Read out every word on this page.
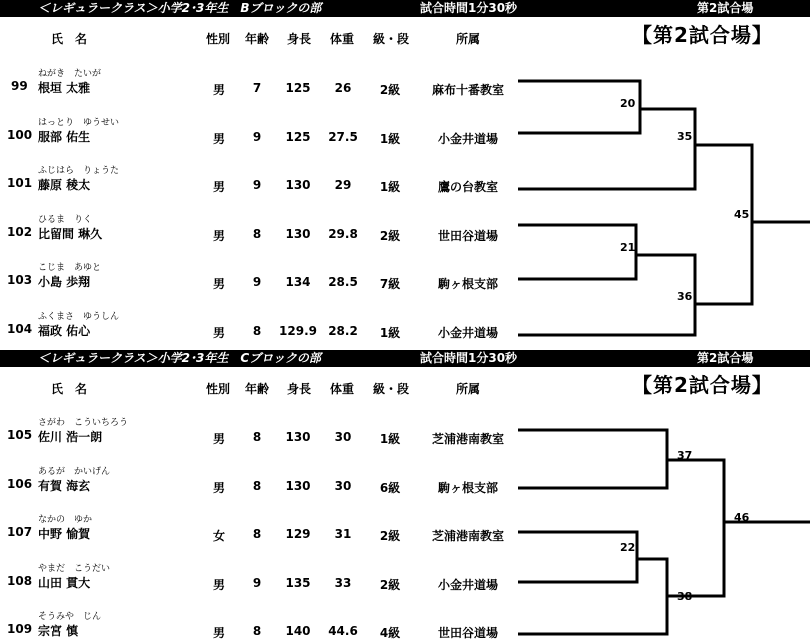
＜レギュラークラス＞小学2･3年生　Bブロックの部	試合時間1分30秒	第2試合場
【第2試合場】
氏　名	性別 年齢 身長 体重 級・段	所属
99
ねがき　たいが
根垣 太雅	男	7	125	26	2級	麻布十番教室
100
はっとり　ゆうせい
服部 佑生	男	9	125	27.5	1級	小金井道場
101
ふじはら　りょうた
藤原 稜太	男	9	130	29	1級	鷹の台教室
102
ひるま　りく
比留間 琳久	男	8	130	29.8	2級	世田谷道場
103
こじま　あゆと
小島 歩翔	男	9	134	28.5	7級	駒ヶ根支部
104
ふくまさ　ゆうしん
福政 佑心	男	8	129.9 28.2	1級	小金井道場
20
35
21
36
45
＜レギュラークラス＞小学2･3年生　Cブロックの部	試合時間1分30秒	第2試合場
【第2試合場】
氏　名	性別 年齢 身長 体重 級・段	所属
105
さがわ　こういちろう
佐川 浩一朗	男	8	130	30	1級	芝浦港南教室
106
あるが　かいげん
有賀 海玄	男	8	130	30	6級	駒ヶ根支部
107
なかの　ゆか
中野 愉賀	女	8	129	31	2級	芝浦港南教室
108
やまだ　こうだい
山田 貫大	男	9	135	33	2級	小金井道場
109
そうみや　じん
宗宮 慎	男	8	140	44.6	4級	世田谷道場
37
22
38
46
